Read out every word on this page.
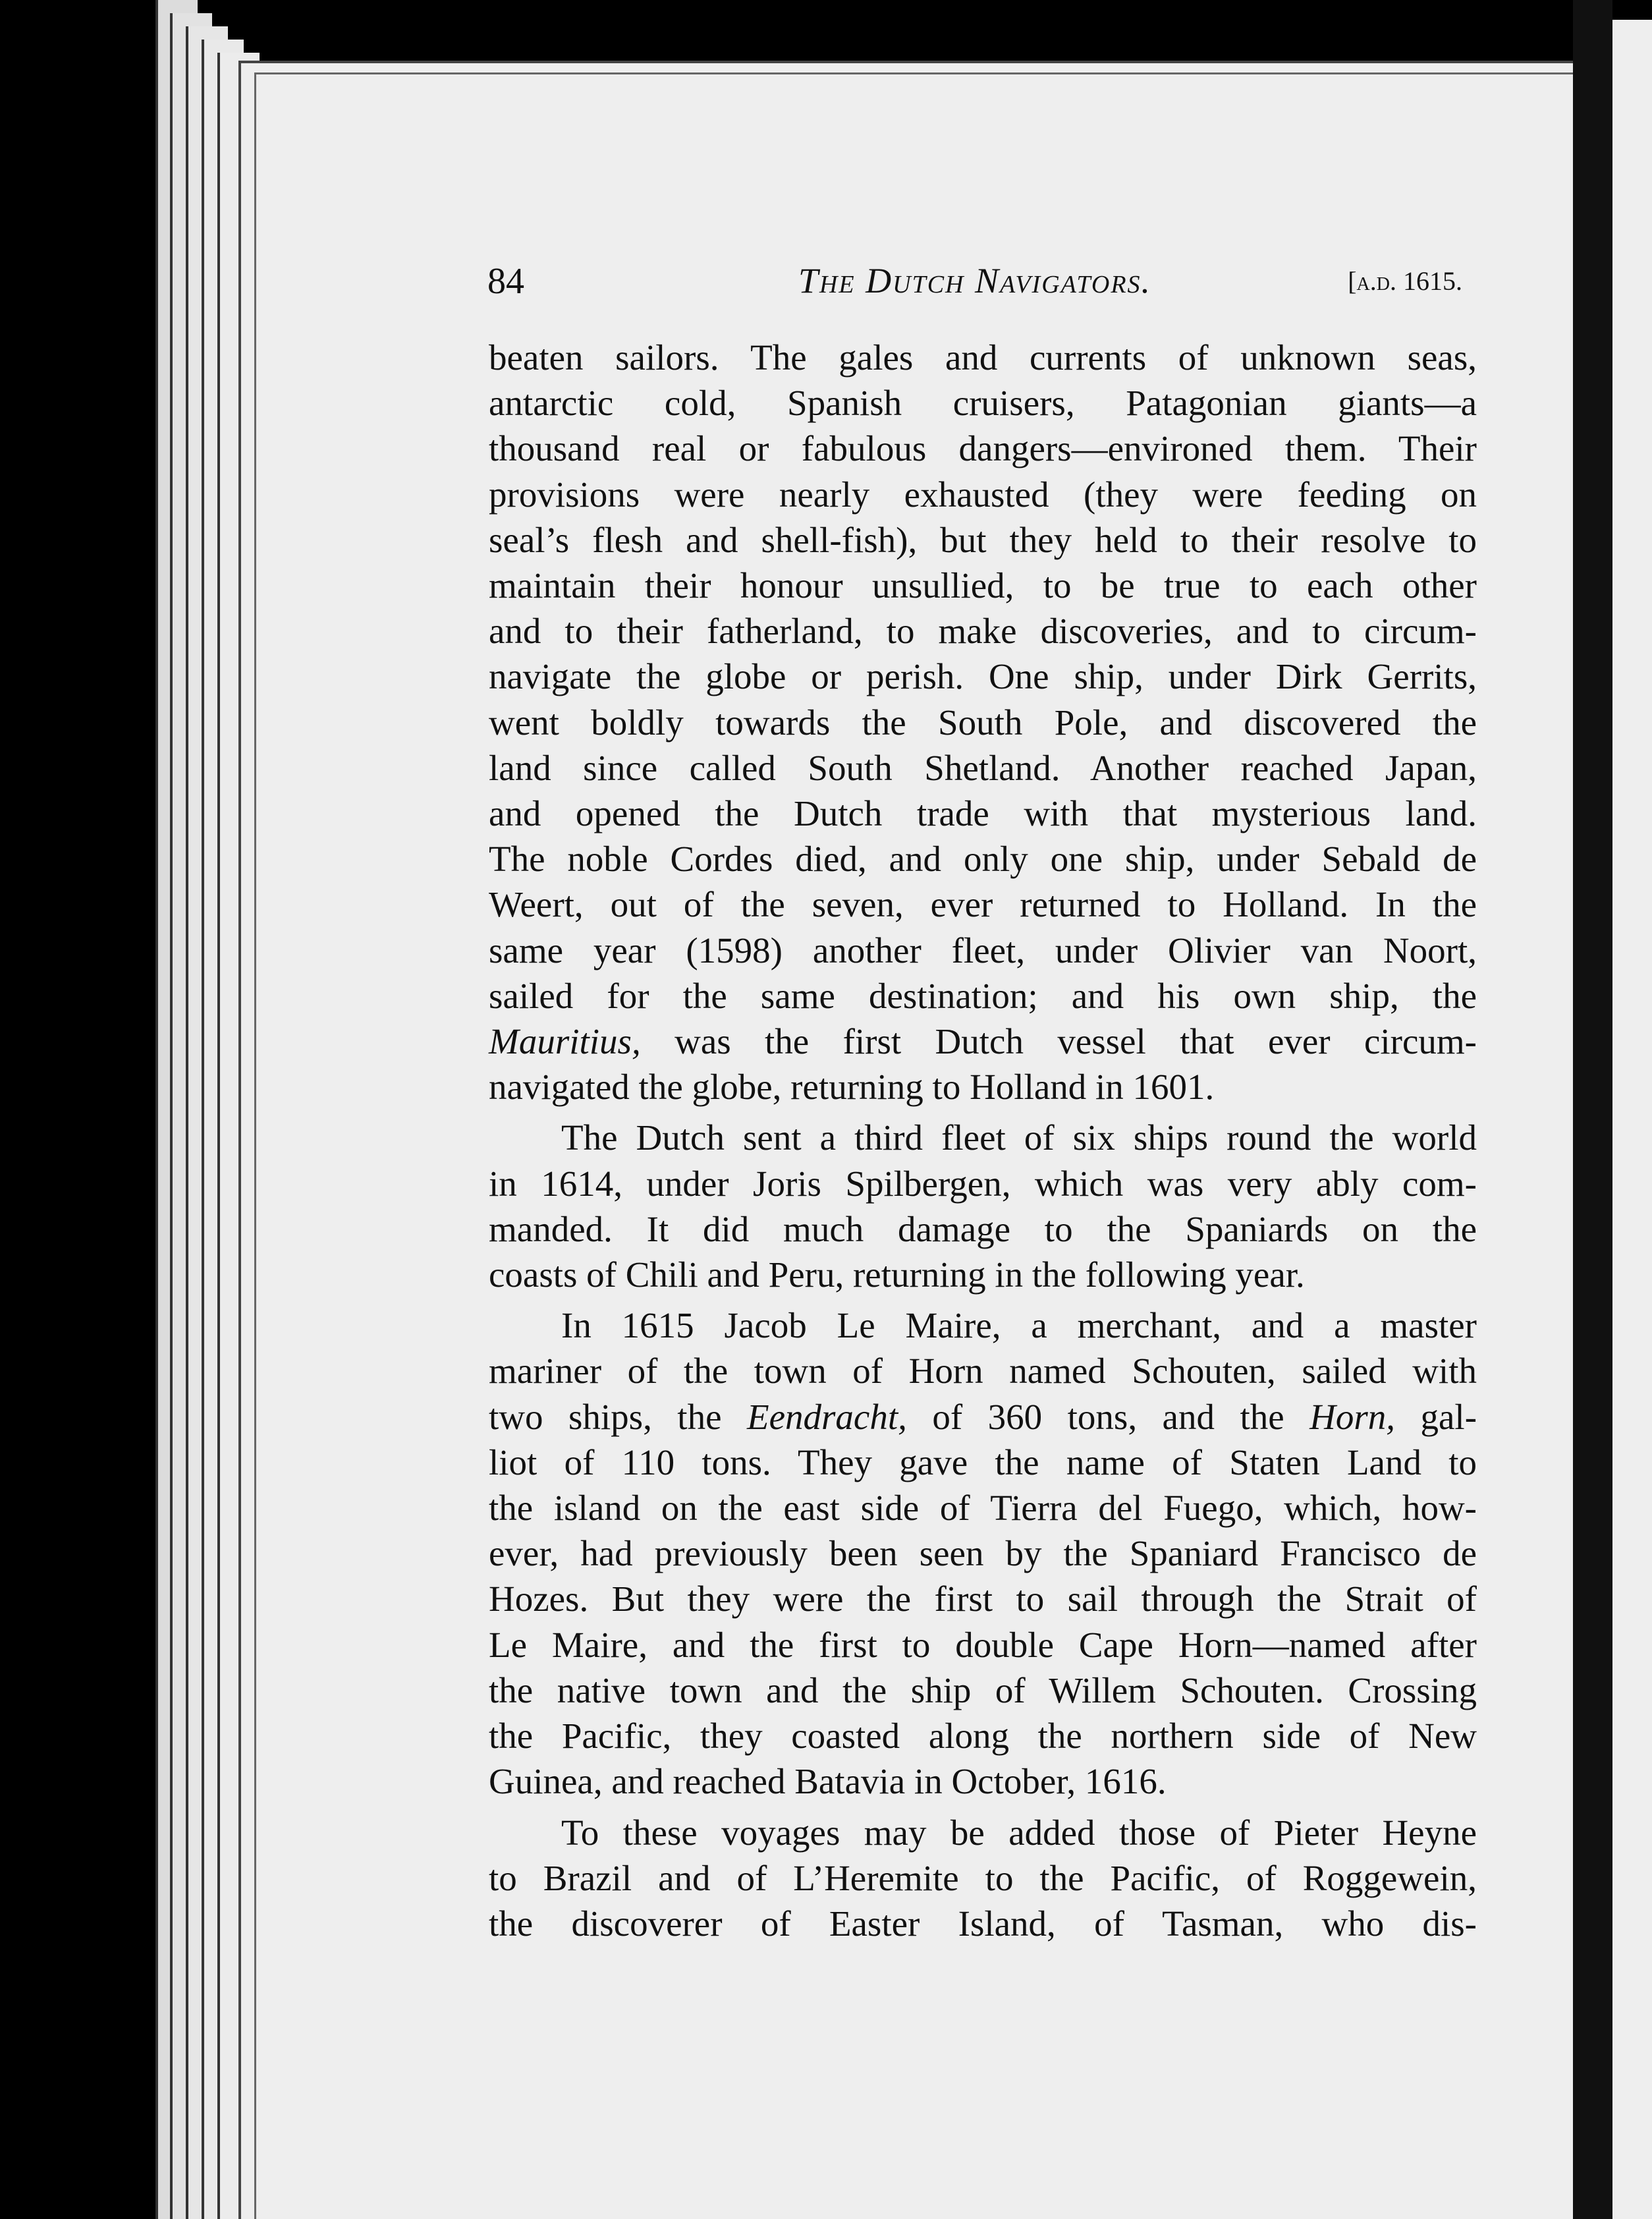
84	The Dutch Navigators.	[a.d. 1615.
beaten sailors. The gales and currents of unknown seas,
antarctic cold, Spanish cruisers, Patagonian giants—a
thousand real or fabulous dangers—environed them. Their
provisions were nearly exhausted (they were feeding on
seal’s flesh and shell-fish), but they held to their resolve to
maintain their honour unsullied, to be true to each other
and to their fatherland, to make discoveries, and to circum-
navigate the globe or perish. One ship, under Dirk Gerrits,
went boldly towards the South Pole, and discovered the
land since called South Shetland. Another reached Japan,
and opened the Dutch trade with that mysterious land.
The noble Cordes died, and only one ship, under Sebald de
Weert, out of the seven, ever returned to Holland. In the
same year (1598) another fleet, under Olivier van Noort,
sailed for the same destination; and his own ship, the
Mauritius, was the first Dutch vessel that ever circum-
navigated the globe, returning to Holland in 1601.
The Dutch sent a third fleet of six ships round the world
in 1614, under Joris Spilbergen, which was very ably com-
manded. It did much damage to the Spaniards on the
coasts of Chili and Peru, returning in the following year.
In 1615 Jacob Le Maire, a merchant, and a master
mariner of the town of Horn named Schouten, sailed with
two ships, the Eendracht, of 360 tons, and the Horn, gal-
liot of 110 tons. They gave the name of Staten Land to
the island on the east side of Tierra del Fuego, which, how-
ever, had previously been seen by the Spaniard Francisco de
Hozes. But they were the first to sail through the Strait of
Le Maire, and the first to double Cape Horn—named after
the native town and the ship of Willem Schouten. Crossing
the Pacific, they coasted along the northern side of New
Guinea, and reached Batavia in October, 1616.
To these voyages may be added those of Pieter Heyne
to Brazil and of L’Heremite to the Pacific, of Roggewein,
the discoverer of Easter Island, of Tasman, who dis-
